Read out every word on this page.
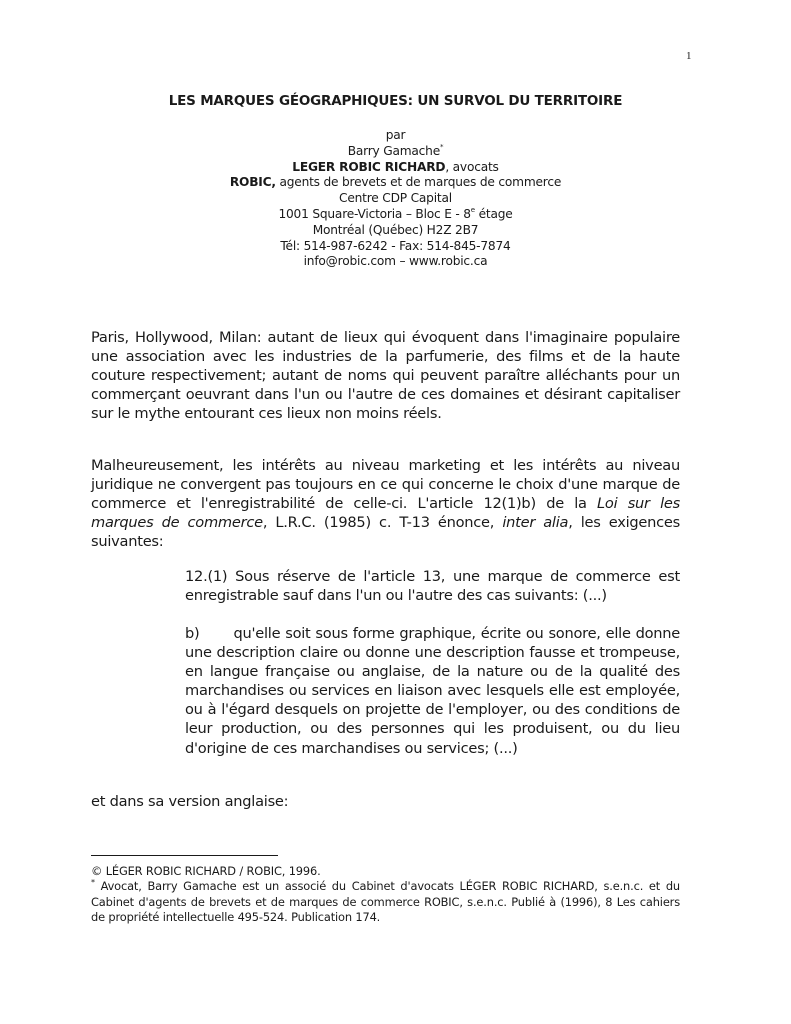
1
LES MARQUES GÉOGRAPHIQUES: UN SURVOL DU TERRITOIRE
par
Barry Gamache*
LEGER ROBIC RICHARD, avocats
ROBIC, agents de brevets et de marques de commerce
Centre CDP Capital
1001 Square-Victoria – Bloc E - 8e étage
Montréal (Québec) H2Z 2B7
Tél: 514-987-6242 - Fax: 514-845-7874
info@robic.com – www.robic.ca

Paris, Hollywood, Milan: autant de lieux qui évoquent dans l'imaginaire populaire une association avec les industries de la parfumerie, des films et de la haute couture respectivement; autant de noms qui peuvent paraître alléchants pour un commerçant oeuvrant dans l'un ou l'autre de ces domaines et désirant capitaliser sur le mythe entourant ces lieux non moins réels.

Malheureusement, les intérêts au niveau marketing et les intérêts au niveau juridique ne convergent pas toujours en ce qui concerne le choix d'une marque de commerce et l'enregistrabilité de celle-ci. L'article 12(1)b) de la Loi sur les marques de commerce, L.R.C. (1985) c. T-13 énonce, inter alia, les exigences suivantes:

12.(1) Sous réserve de l'article 13, une marque de commerce est enregistrable sauf dans l'un ou l'autre des cas suivants: (...)

b) qu'elle soit sous forme graphique, écrite ou sonore, elle donne une description claire ou donne une description fausse et trompeuse, en langue française ou anglaise, de la nature ou de la qualité des marchandises ou services en liaison avec lesquels elle est employée, ou à l'égard desquels on projette de l'employer, ou des conditions de leur production, ou des personnes qui les produisent, ou du lieu d'origine de ces marchandises ou services; (...)

et dans sa version anglaise:

© LÉGER ROBIC RICHARD / ROBIC, 1996.

* Avocat, Barry Gamache est un associé du Cabinet d'avocats LÉGER ROBIC RICHARD, s.e.n.c. et du Cabinet d'agents de brevets et de marques de commerce ROBIC, s.e.n.c. Publié à (1996), 8 Les cahiers de propriété intellectuelle 495-524. Publication 174.
